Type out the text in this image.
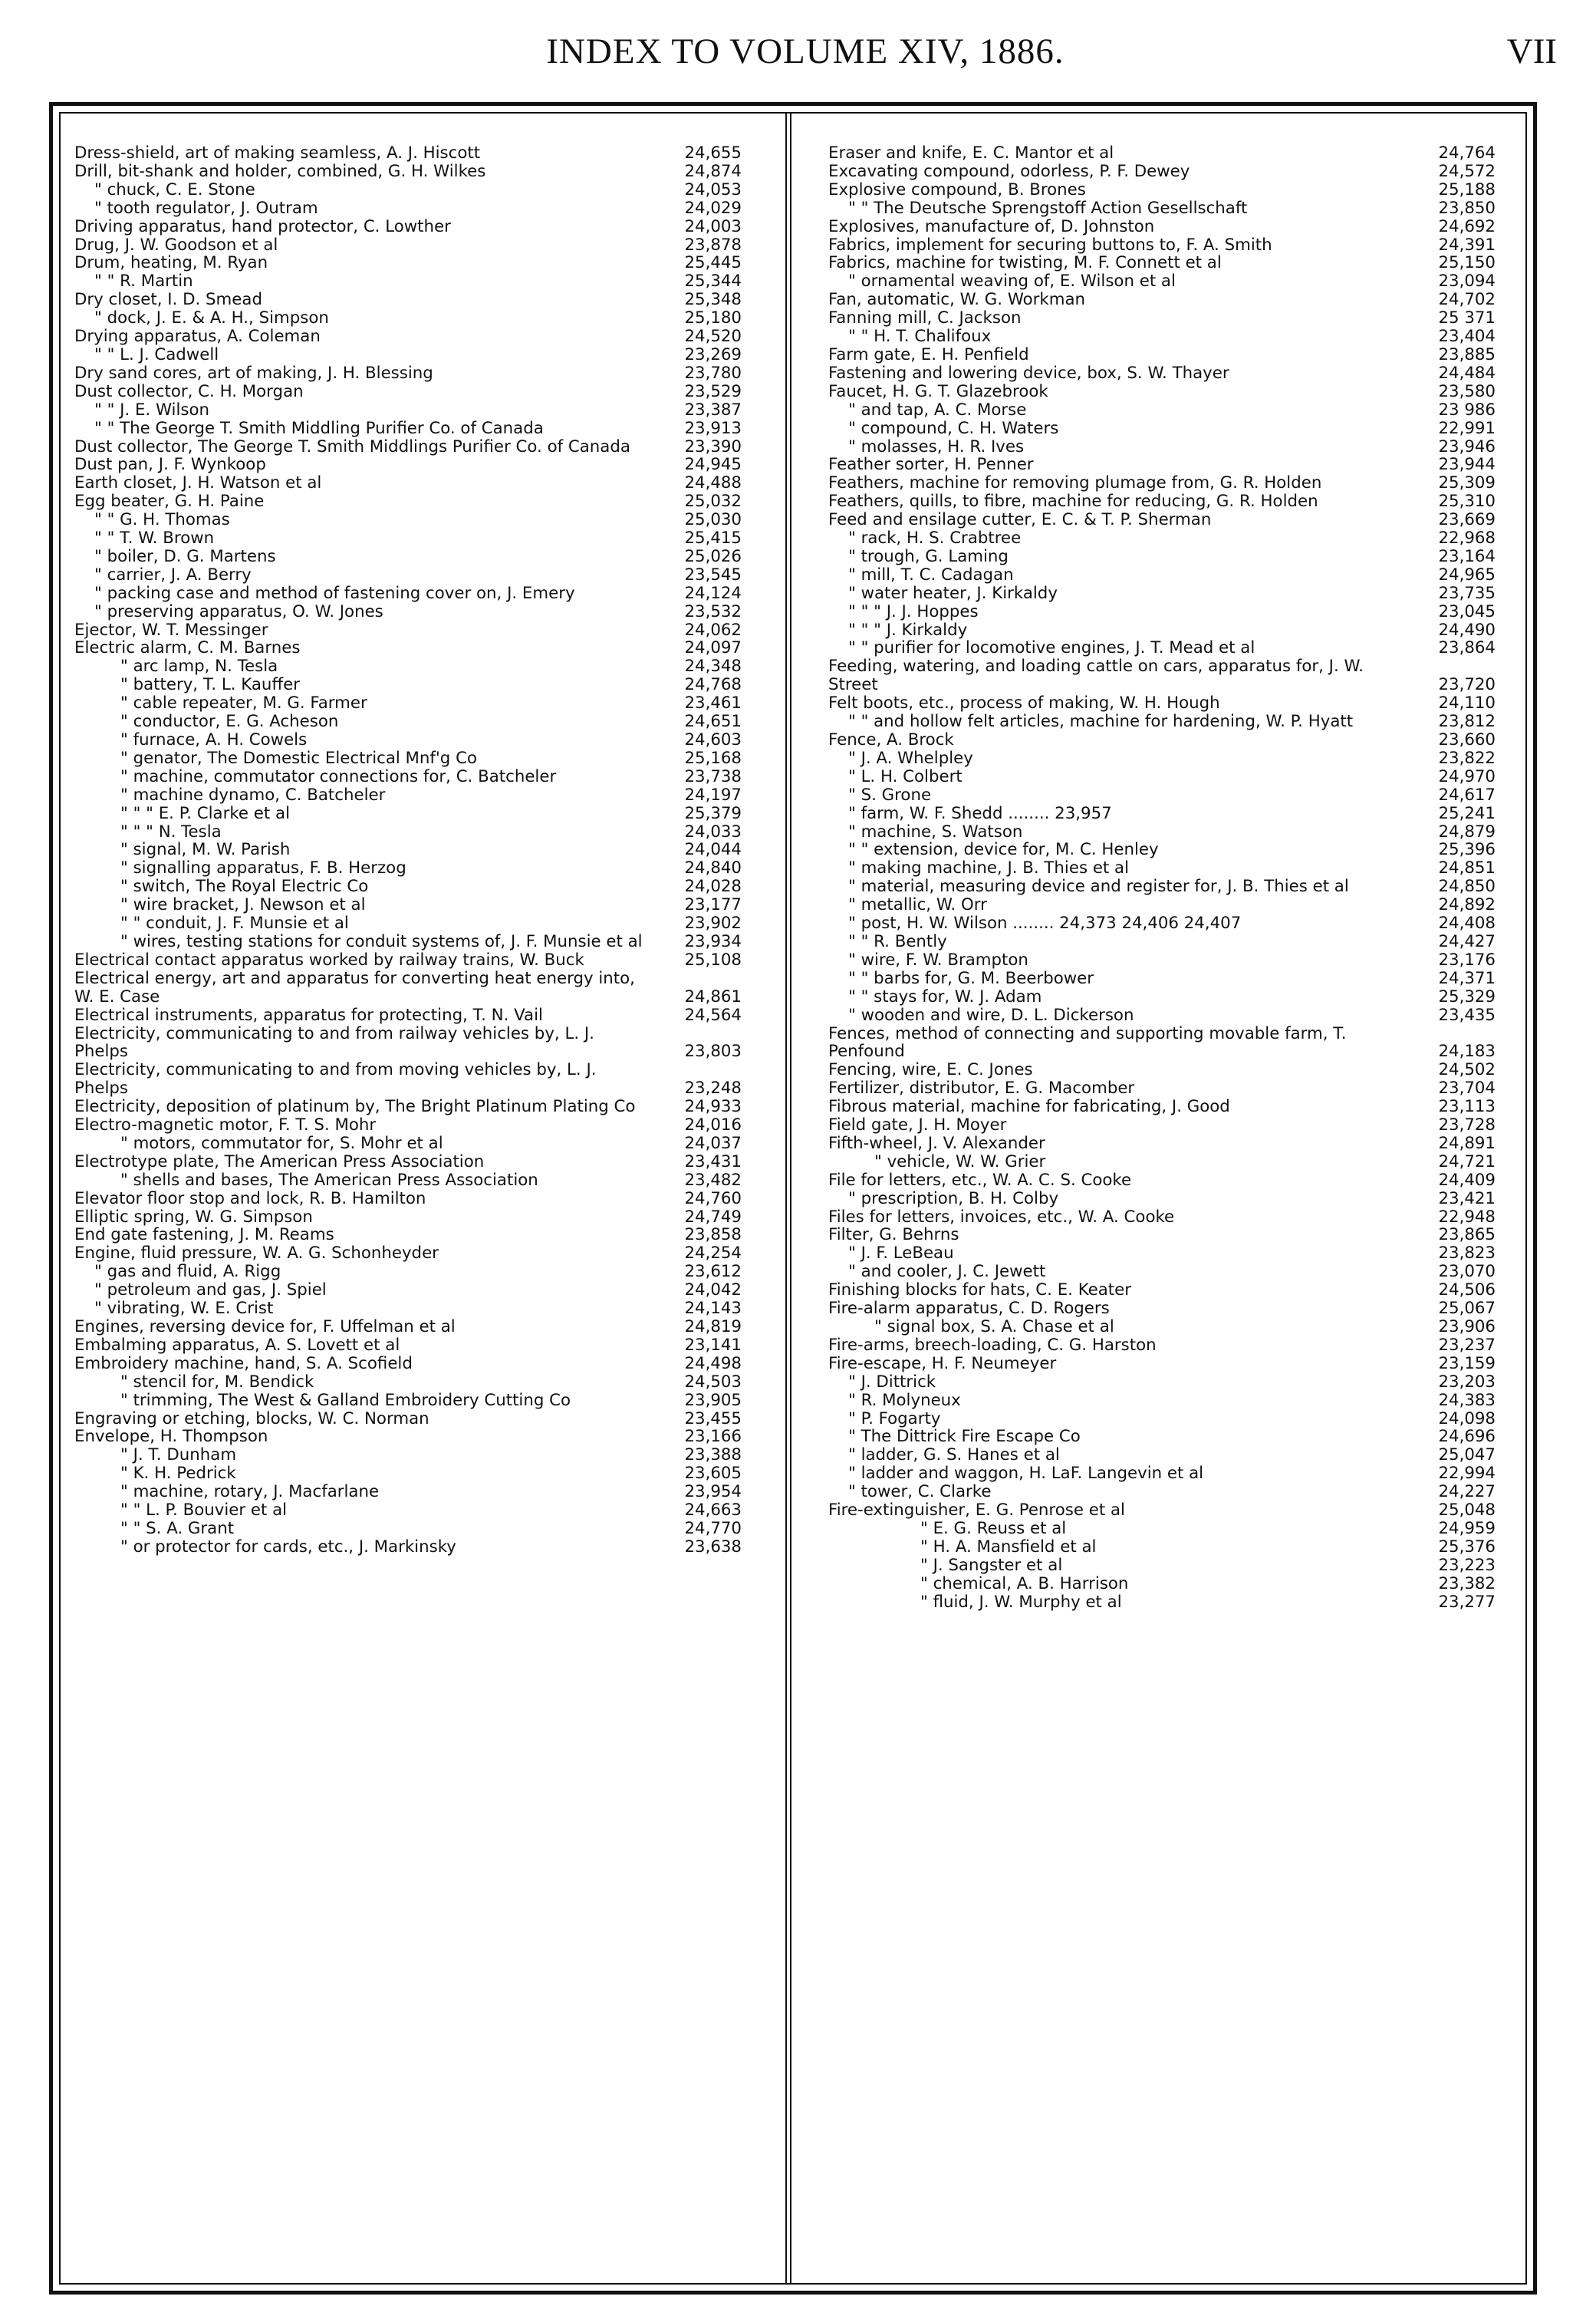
INDEX TO VOLUME XIV, 1886.	VII
Dress-shield, art of making seamless, A. J. Hiscott	24,655
Drill, bit-shank and holder, combined, G. H. Wilkes	24,874
" chuck, C. E. Stone	24,053
" tooth regulator, J. Outram	24,029
Driving apparatus, hand protector, C. Lowther	24,003
Drug, J. W. Goodson et al	23,878
Drum, heating, M. Ryan	25,445
" " R. Martin	25,344
Dry closet, I. D. Smead	25,348
" dock, J. E. & A. H., Simpson	25,180
Drying apparatus, A. Coleman	24,520
" " L. J. Cadwell	23,269
Dry sand cores, art of making, J. H. Blessing	23,780
Dust collector, C. H. Morgan	23,529
" " J. E. Wilson	23,387
" " The George T. Smith Middling Purifier Co. of Canada	23,913
Dust collector, The George T. Smith Middlings Purifier Co. of Canada	23,390
Dust pan, J. F. Wynkoop	24,945
Earth closet, J. H. Watson et al	24,488
Egg beater, G. H. Paine	25,032
" " G. H. Thomas	25,030
" " T. W. Brown	25,415
" boiler, D. G. Martens	25,026
" carrier, J. A. Berry	23,545
" packing case and method of fastening cover on, J. Emery	24,124
" preserving apparatus, O. W. Jones	23,532
Ejector, W. T. Messinger	24,062
Electric alarm, C. M. Barnes	24,097
" arc lamp, N. Tesla	24,348
" battery, T. L. Kauffer	24,768
" cable repeater, M. G. Farmer	23,461
" conductor, E. G. Acheson	24,651
" furnace, A. H. Cowels	24,603
" genator, The Domestic Electrical Mnf'g Co	25,168
" machine, commutator connections for, C. Batcheler	23,738
" machine dynamo, C. Batcheler	24,197
" " " E. P. Clarke et al	25,379
" " " N. Tesla	24,033
" signal, M. W. Parish	24,044
" signalling apparatus, F. B. Herzog	24,840
" switch, The Royal Electric Co	24,028
" wire bracket, J. Newson et al	23,177
" " conduit, J. F. Munsie et al	23,902
" wires, testing stations for conduit systems of, J. F. Munsie et al	23,934
Electrical contact apparatus worked by railway trains, W. Buck	25,108
Electrical energy, art and apparatus for converting heat energy into, W. E. Case	24,861
Electrical instruments, apparatus for protecting, T. N. Vail	24,564
Electricity, communicating to and from railway vehicles by, L. J. Phelps	23,803
Electricity, communicating to and from moving vehicles by, L. J. Phelps	23,248
Electricity, deposition of platinum by, The Bright Platinum Plating Co	24,933
Electro-magnetic motor, F. T. S. Mohr	24,016
" motors, commutator for, S. Mohr et al	24,037
Electrotype plate, The American Press Association	23,431
" shells and bases, The American Press Association	23,482
Elevator floor stop and lock, R. B. Hamilton	24,760
Elliptic spring, W. G. Simpson	24,749
End gate fastening, J. M. Reams	23,858
Engine, fluid pressure, W. A. G. Schonheyder	24,254
" gas and fluid, A. Rigg	23,612
" petroleum and gas, J. Spiel	24,042
" vibrating, W. E. Crist	24,143
Engines, reversing device for, F. Uffelman et al	24,819
Embalming apparatus, A. S. Lovett et al	23,141
Embroidery machine, hand, S. A. Scofield	24,498
" stencil for, M. Bendick	24,503
" trimming, The West & Galland Embroidery Cutting Co	23,905
Engraving or etching, blocks, W. C. Norman	23,455
Envelope, H. Thompson	23,166
" J. T. Dunham	23,388
" K. H. Pedrick	23,605
" machine, rotary, J. Macfarlane	23,954
" " L. P. Bouvier et al	24,663
" " S. A. Grant	24,770
" or protector for cards, etc., J. Markinsky	23,638
Eraser and knife, E. C. Mantor et al	24,764
Excavating compound, odorless, P. F. Dewey	24,572
Explosive compound, B. Brones	25,188
" " The Deutsche Sprengstoff Action Gesellschaft	23,850
Explosives, manufacture of, D. Johnston	24,692
Fabrics, implement for securing buttons to, F. A. Smith	24,391
Fabrics, machine for twisting, M. F. Connett et al	25,150
" ornamental weaving of, E. Wilson et al	23,094
Fan, automatic, W. G. Workman	24,702
Fanning mill, C. Jackson	25 371
" " H. T. Chalifoux	23,404
Farm gate, E. H. Penfield	23,885
Fastening and lowering device, box, S. W. Thayer	24,484
Faucet, H. G. T. Glazebrook	23,580
" and tap, A. C. Morse	23 986
" compound, C. H. Waters	22,991
" molasses, H. R. Ives	23,946
Feather sorter, H. Penner	23,944
Feathers, machine for removing plumage from, G. R. Holden	25,309
Feathers, quills, to fibre, machine for reducing, G. R. Holden	25,310
Feed and ensilage cutter, E. C. & T. P. Sherman	23,669
" rack, H. S. Crabtree	22,968
" trough, G. Laming	23,164
" mill, T. C. Cadagan	24,965
" water heater, J. Kirkaldy	23,735
" " " J. J. Hoppes	23,045
" " " J. Kirkaldy	24,490
" " purifier for locomotive engines, J. T. Mead et al	23,864
Feeding, watering, and loading cattle on cars, apparatus for, J. W. Street	23,720
Felt boots, etc., process of making, W. H. Hough	24,110
" " and hollow felt articles, machine for hardening, W. P. Hyatt	23,812
Fence, A. Brock	23,660
" J. A. Whelpley	23,822
" L. H. Colbert	24,970
" S. Grone	24,617
" farm, W. F. Shedd ........ 23,957	25,241
" machine, S. Watson	24,879
" " extension, device for, M. C. Henley	25,396
" making machine, J. B. Thies et al	24,851
" material, measuring device and register for, J. B. Thies et al	24,850
" metallic, W. Orr	24,892
" post, H. W. Wilson ........ 24,373 24,406 24,407	24,408
" " R. Bently	24,427
" wire, F. W. Brampton	23,176
" " barbs for, G. M. Beerbower	24,371
" " stays for, W. J. Adam	25,329
" wooden and wire, D. L. Dickerson	23,435
Fences, method of connecting and supporting movable farm, T. Penfound	24,183
Fencing, wire, E. C. Jones	24,502
Fertilizer, distributor, E. G. Macomber	23,704
Fibrous material, machine for fabricating, J. Good	23,113
Field gate, J. H. Moyer	23,728
Fifth-wheel, J. V. Alexander	24,891
" vehicle, W. W. Grier	24,721
File for letters, etc., W. A. C. S. Cooke	24,409
" prescription, B. H. Colby	23,421
Files for letters, invoices, etc., W. A. Cooke	22,948
Filter, G. Behrns	23,865
" J. F. LeBeau	23,823
" and cooler, J. C. Jewett	23,070
Finishing blocks for hats, C. E. Keater	24,506
Fire-alarm apparatus, C. D. Rogers	25,067
" signal box, S. A. Chase et al	23,906
Fire-arms, breech-loading, C. G. Harston	23,237
Fire-escape, H. F. Neumeyer	23,159
" J. Dittrick	23,203
" R. Molyneux	24,383
" P. Fogarty	24,098
" The Dittrick Fire Escape Co	24,696
" ladder, G. S. Hanes et al	25,047
" ladder and waggon, H. LaF. Langevin et al	22,994
" tower, C. Clarke	24,227
Fire-extinguisher, E. G. Penrose et al	25,048
" E. G. Reuss et al	24,959
" H. A. Mansfield et al	25,376
" J. Sangster et al	23,223
" chemical, A. B. Harrison	23,382
" fluid, J. W. Murphy et al	23,277
